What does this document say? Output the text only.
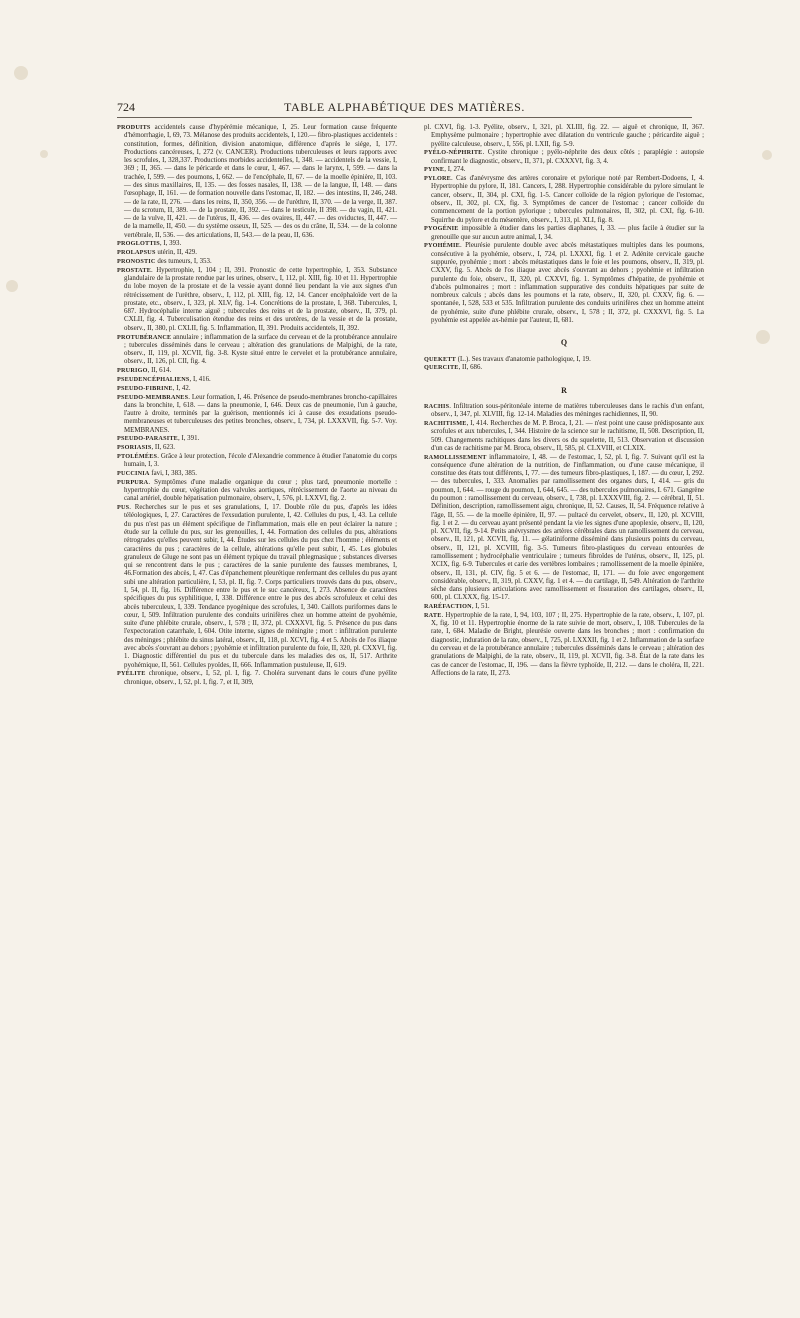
724	TABLE ALPHABÉTIQUE DES MATIÈRES.

PRODUITS accidentels cause d'hypérémie mécanique, I, 25. Leur formation cause fréquente d'hémorrhagie, I, 69, 73. Mélanose des produits accidentels, I, 120.— fibro-plastiques accidentels : constitution, formes, définition, division anatomique, différence d'après le siége, I, 177. Productions cancéreuses, I, 272 (v. CANCER). Productions tuberculeuses et leurs rapports avec les scrofules, I, 328,337. Productions morbides accidentelles, I, 348. — accidentels de la vessie, I, 369 ; II, 365. — dans le péricarde et dans le cœur, I, 467. — dans le larynx, I, 599. — dans la trachée, I, 599. — des poumons, I, 662. — de l'encéphale, II, 67. — de la moelle épinière, II, 103. — des sinus maxillaires, II, 135. — des fosses nasales, II, 138. — de la langue, II, 148. — dans l'œsophage, II, 161. — de formation nouvelle dans l'estomac, II, 182. — des intestins, II, 246, 248. — de la rate, II, 276. — dans les reins, II, 350, 356. — de l'urèthre, II, 370. — de la verge, II, 387. — du scrotum, II, 389. — de la prostate, II, 392. — dans le testicule, II 398. — du vagin, II, 421. — de la vulve, II, 421. — de l'utérus, II, 436. — des ovaires, II, 447. — des oviductes, II, 447. — de la mamelle, II, 450. — du système osseux, II, 525. — des os du crâne, II, 534. — de la colonne vertébrale, II, 536. — des articulations, II, 543.— de la peau, II, 636.

PROGLOTTIS, I, 393.

PROLAPSUS utérin, II, 429.

PRONOSTIC des tumeurs, I, 353.

PROSTATE. Hypertrophie, I, 104 ; II, 391. Pronostic de cette hypertrophie, I, 353. Substance glandulaire de la prostate rendue par les urines, observ., I, 112, pl. XIII, fig. 10 et 11. Hypertrophie du lobe moyen de la prostate et de la vessie ayant donné lieu pendant la vie aux signes d'un rétrécissement de l'urèthre, observ., I, 112, pl. XIII, fig. 12, 14. Cancer encéphaloïde vert de la prostate, etc., observ., I, 323, pl. XLV, fig. 1-4. Concrétions de la prostate, I, 368. Tubercules, I, 687. Hydrocéphalie interne aiguë ; tubercules des reins et de la prostate, observ., II, 379, pl. CXLII, fig. 4. Tuberculisation étendue des reins et des uretères, de la vessie et de la prostate, observ., II, 380, pl. CXLII, fig. 5. Inflammation, II, 391. Produits accidentels, II, 392.

PROTUBÉRANCE annulaire ; inflammation de la surface du cerveau et de la protubérance annulaire ; tubercules disséminés dans le cerveau ; altération des granulations de Malpighi, de la rate, observ., II, 119, pl. XCVII, fig. 3-8. Kyste situé entre le cervelet et la protubérance annulaire, observ., II, 126, pl. CII, fig. 4.

PRURIGO, II, 614.

PSEUDENCÉPHALIENS, I, 416.

PSEUDO-FIBRINE, I, 42.

PSEUDO-MEMBRANES. Leur formation, I, 46. Présence de pseudo-membranes broncho-capillaires dans la bronchite, I, 618. — dans la pneumonie, I, 646. Deux cas de pneumonie, l'un à gauche, l'autre à droite, terminés par la guérison, mentionnés ici à cause des exsudations pseudo-membraneuses et tuberculeuses des petites bronches, observ., I, 734, pl. LXXXVII, fig. 5-7. Voy. MEMBRANES.

PSEUDO-PARASITE, I, 391.

PSORIASIS, II, 623.

PTOLÉMÉES. Grâce à leur protection, l'école d'Alexandrie commence à étudier l'anatomie du corps humain, I, 3.

PUCCINIA favi, I, 383, 385.

PURPURA. Symptômes d'une maladie organique du cœur ; plus tard, pneumonie mortelle : hypertrophie du cœur, végétation des valvules aortiques, rétrécissement de l'aorte au niveau du canal artériel, double hépatisation pulmonaire, observ., I, 576, pl. LXXVI, fig. 2.

PUS. Recherches sur le pus et ses granulations, I, 17. Double rôle du pus, d'après les idées téléologiques, I, 27. Caractères de l'exsudation purulente, I, 42. Cellules du pus, I, 43. La cellule du pus n'est pas un élément spécifique de l'inflammation, mais elle en peut éclairer la nature ; étude sur la cellule du pus, sur les grenouilles, I, 44. Formation des cellules du pus, altérations rétrogrades qu'elles peuvent subir, I, 44. Études sur les cellules du pus chez l'homme ; éléments et caractères du pus ; caractères de la cellule, altérations qu'elle peut subir, I, 45. Les globules granuleux de Gluge ne sont pas un élément typique du travail phlegmasique ; substances diverses qui se rencontrent dans le pus ; caractères de la sanie purulente des fausses membranes, I, 46.Formation des abcès, I, 47. Cas d'épanchement pleurétique renfermant des cellules du pus ayant subi une altération particulière, I, 53, pl. II, fig. 7. Corps particuliers trouvés dans du pus, observ., I, 54, pl. II, fig. 16. Différence entre le pus et le suc cancéreux, I, 273. Absence de caractères spécifiques du pus syphilitique, I, 338. Différence entre le pus des abcès scrofuleux et celui des abcès tuberculeux, I, 339. Tendance pyogénique des scrofules, I, 340. Caillots puriformes dans le cœur, I, 509. Infiltration purulente des conduits urinifères chez un homme atteint de pyohémie, suite d'une phlébite crurale, observ., I, 578 ; II, 372, pl. CXXXVI, fig. 5. Présence du pus dans l'expectoration catarrhale, I, 604. Otite interne, signes de méningite ; mort : infiltration purulente des méninges ; phlébite du sinus latéral, observ., II, 118, pl. XCVI, fig. 4 et 5. Abcès de l'os iliaque avec abcès s'ouvrant au dehors ; pyohémie et infiltration purulente du foie, II, 320, pl. CXXVI, fig. 1. Diagnostic différentiel du pus et du tubercule dans les maladies des os, II, 517. Arthrite pyohémique, II, 561. Cellules pyoïdes, II, 666. Inflammation pustuleuse, II, 619.

PYÉLITE chronique, observ., I, 52, pl. I, fig. 7. Choléra survenant dans le cours d'une pyélite chronique, observ., I, 52, pl. I, fig. 7, et II, 309,

pl. CXVI, fig. 1-3. Pyélite, observ., I, 321, pl. XLIII, fig. 22. — aiguë et chronique, II, 367. Emphysème pulmonaire ; hypertrophie avec dilatation du ventricule gauche ; péricardite aiguë ; pyélite calculeuse, observ., I, 556, pl. LXII, fig. 5-9.

PYÉLO-NÉPHRITE. Cystite chronique ; pyélo-néphrite des deux côtés ; paraplégie : autopsie confirmant le diagnostic, observ., II, 371, pl. CXXXVI, fig. 3, 4.

PYINE, I, 274.

PYLORE. Cas d'anévrysme des artères coronaire et pylorique noté par Rembert-Dodoens, I, 4. Hypertrophie du pylore, II, 181. Cancers, I, 288. Hypertrophie considérable du pylore simulant le cancer, observ., II, 304, pl. CXI, fig. 1-5. Cancer colloïde de la région pylorique de l'estomac, observ., II, 302, pl. CX, fig. 3. Symptômes de cancer de l'estomac ; cancer colloïde du commencement de la portion pylorique ; tubercules pulmonaires, II, 302, pl. CXI, fig. 6-10. Squirrhe du pylore et du mésentère, observ., I, 313, pl. XLI, fig. 8.

PYOGÉNIE impossible à étudier dans les parties diaphanes, I, 33. — plus facile à étudier sur la grenouille que sur aucun autre animal, I, 34.

PYOHÉMIE. Pleurésie purulente double avec abcès métastatiques multiples dans les poumons, consécutive à la pyohémie, observ., I, 724, pl. LXXXI, fig. 1 et 2. Adénite cervicale gauche suppurée, pyohémie ; mort : abcès métastatiques dans le foie et les poumons, observ., II, 319, pl. CXXV, fig. 5. Abcès de l'os iliaque avec abcès s'ouvrant au dehors ; pyohémie et infiltration purulente du foie, observ., II, 320, pl. CXXVI, fig. 1. Symptômes d'hépatite, de pyohémie et d'abcès pulmonaires ; mort : inflammation suppurative des conduits hépatiques par suite de nombreux calculs ; abcès dans les poumons et la rate, observ., II, 320, pl. CXXV, fig. 6. — spontanée, I, 528, 533 et 535. Infiltration purulente des conduits urinifères chez un homme atteint de pyohémie, suite d'une phlébite crurale, observ., I, 578 ; II, 372, pl. CXXXVI, fig. 5. La pyohémie est appelée ax-hémie par l'auteur, II, 681.

Q

QUEKETT (L.). Ses travaux d'anatomie pathologique, I, 19.

QUERCITE, II, 686.

R

RACHIS. Infiltration sous-péritonéale interne de matières tuberculeuses dans le rachis d'un enfant, observ., I, 347, pl. XLVIII, fig. 12-14. Maladies des méninges rachidiennes, II, 90.

RACHITISME, I, 414. Recherches de M. P. Broca, I, 21. — n'est point une cause prédisposante aux scrofules et aux tubercules, I, 344. Histoire de la science sur le rachitisme, II, 508. Description, II, 509. Changements rachitiques dans les divers os du squelette, II, 513. Observation et discussion d'un cas de rachitisme par M. Broca, observ., II, 585, pl. CLXVIII, et CLXIX.

RAMOLLISSEMENT inflammatoire, I, 48. — de l'estomac, I, 52, pl. I, fig. 7. Suivant qu'il est la conséquence d'une altération de la nutrition, de l'inflammation, ou d'une cause mécanique, il constitue des états tout différents, I, 77. — des tumeurs fibro-plastiques, I, 187. — du cœur, I, 292. — des tubercules, I, 333. Anomalies par ramollissement des organes durs, I, 414. — gris du poumon, I, 644. — rouge du poumon, I, 644, 645. — des tubercules pulmonaires, I. 671. Gangrène du poumon : ramollissement du cerveau, observ., I, 738, pl. LXXXVIII, fig. 2. — cérébral, II, 51. Définition, description, ramollissement aigu, chronique, II, 52. Causes, II, 54. Fréquence relative à l'âge, II, 55. — de la moelle épinière, II, 97. — pultacé du cervelet, observ., II, 120, pl. XCVIII, fig. 1 et 2. — du cerveau ayant présenté pendant la vie les signes d'une apoplexie, observ., II, 120, pl. XCVII, fig. 9-14. Petits anévrysmes des artères cérébrales dans un ramollissement du cerveau, observ., II, 121, pl. XCVII, fig. 11. — gélatiniforme disséminé dans plusieurs points du cerveau, observ., II, 121, pl. XCVIII, fig. 3-5. Tumeurs fibro-plastiques du cerveau entourées de ramollissement ; hydrocéphalie ventriculaire ; tumeurs fibroïdes de l'utérus, observ., II, 125, pl. XCIX, fig. 6-9. Tubercules et carie des vertèbres lombaires ; ramollissement de la moelle épinière, observ., II, 131, pl. CIV, fig. 5 et 6. — de l'estomac, II, 171. — du foie avec engorgement considérable, observ., II, 319, pl. CXXV, fig. 1 et 4. — du cartilage, II, 549. Altération de l'arthrite sèche dans plusieurs articulations avec ramollissement et fissuration des cartilages, observ., II, 600, pl. CLXXX, fig. 15-17.

RARÉFACTION, I, 51.

RATE. Hypertrophie de la rate, I, 94, 103, 107 ; II, 275. Hypertrophie de la rate, observ., I, 107, pl. X, fig. 10 et 11. Hypertrophie énorme de la rate suivie de mort, observ., I, 108. Tubercules de la rate, I, 684. Maladie de Bright, pleurésie ouverte dans les bronches ; mort : confirmation du diagnostic, induration de la rate, observ., I, 725, pl. LXXXII, fig. 1 et 2. Inflammation de la surface du cerveau et de la protubérance annulaire ; tubercules disséminés dans le cerveau ; altération des granulations de Malpighi, de la rate, observ., II, 119, pl. XCVII, fig. 3-8. État de la rate dans les cas de cancer de l'estomac, II, 196. — dans la fièvre typhoïde, II, 212. — dans le choléra, II, 221. Affections de la rate, II, 273.
